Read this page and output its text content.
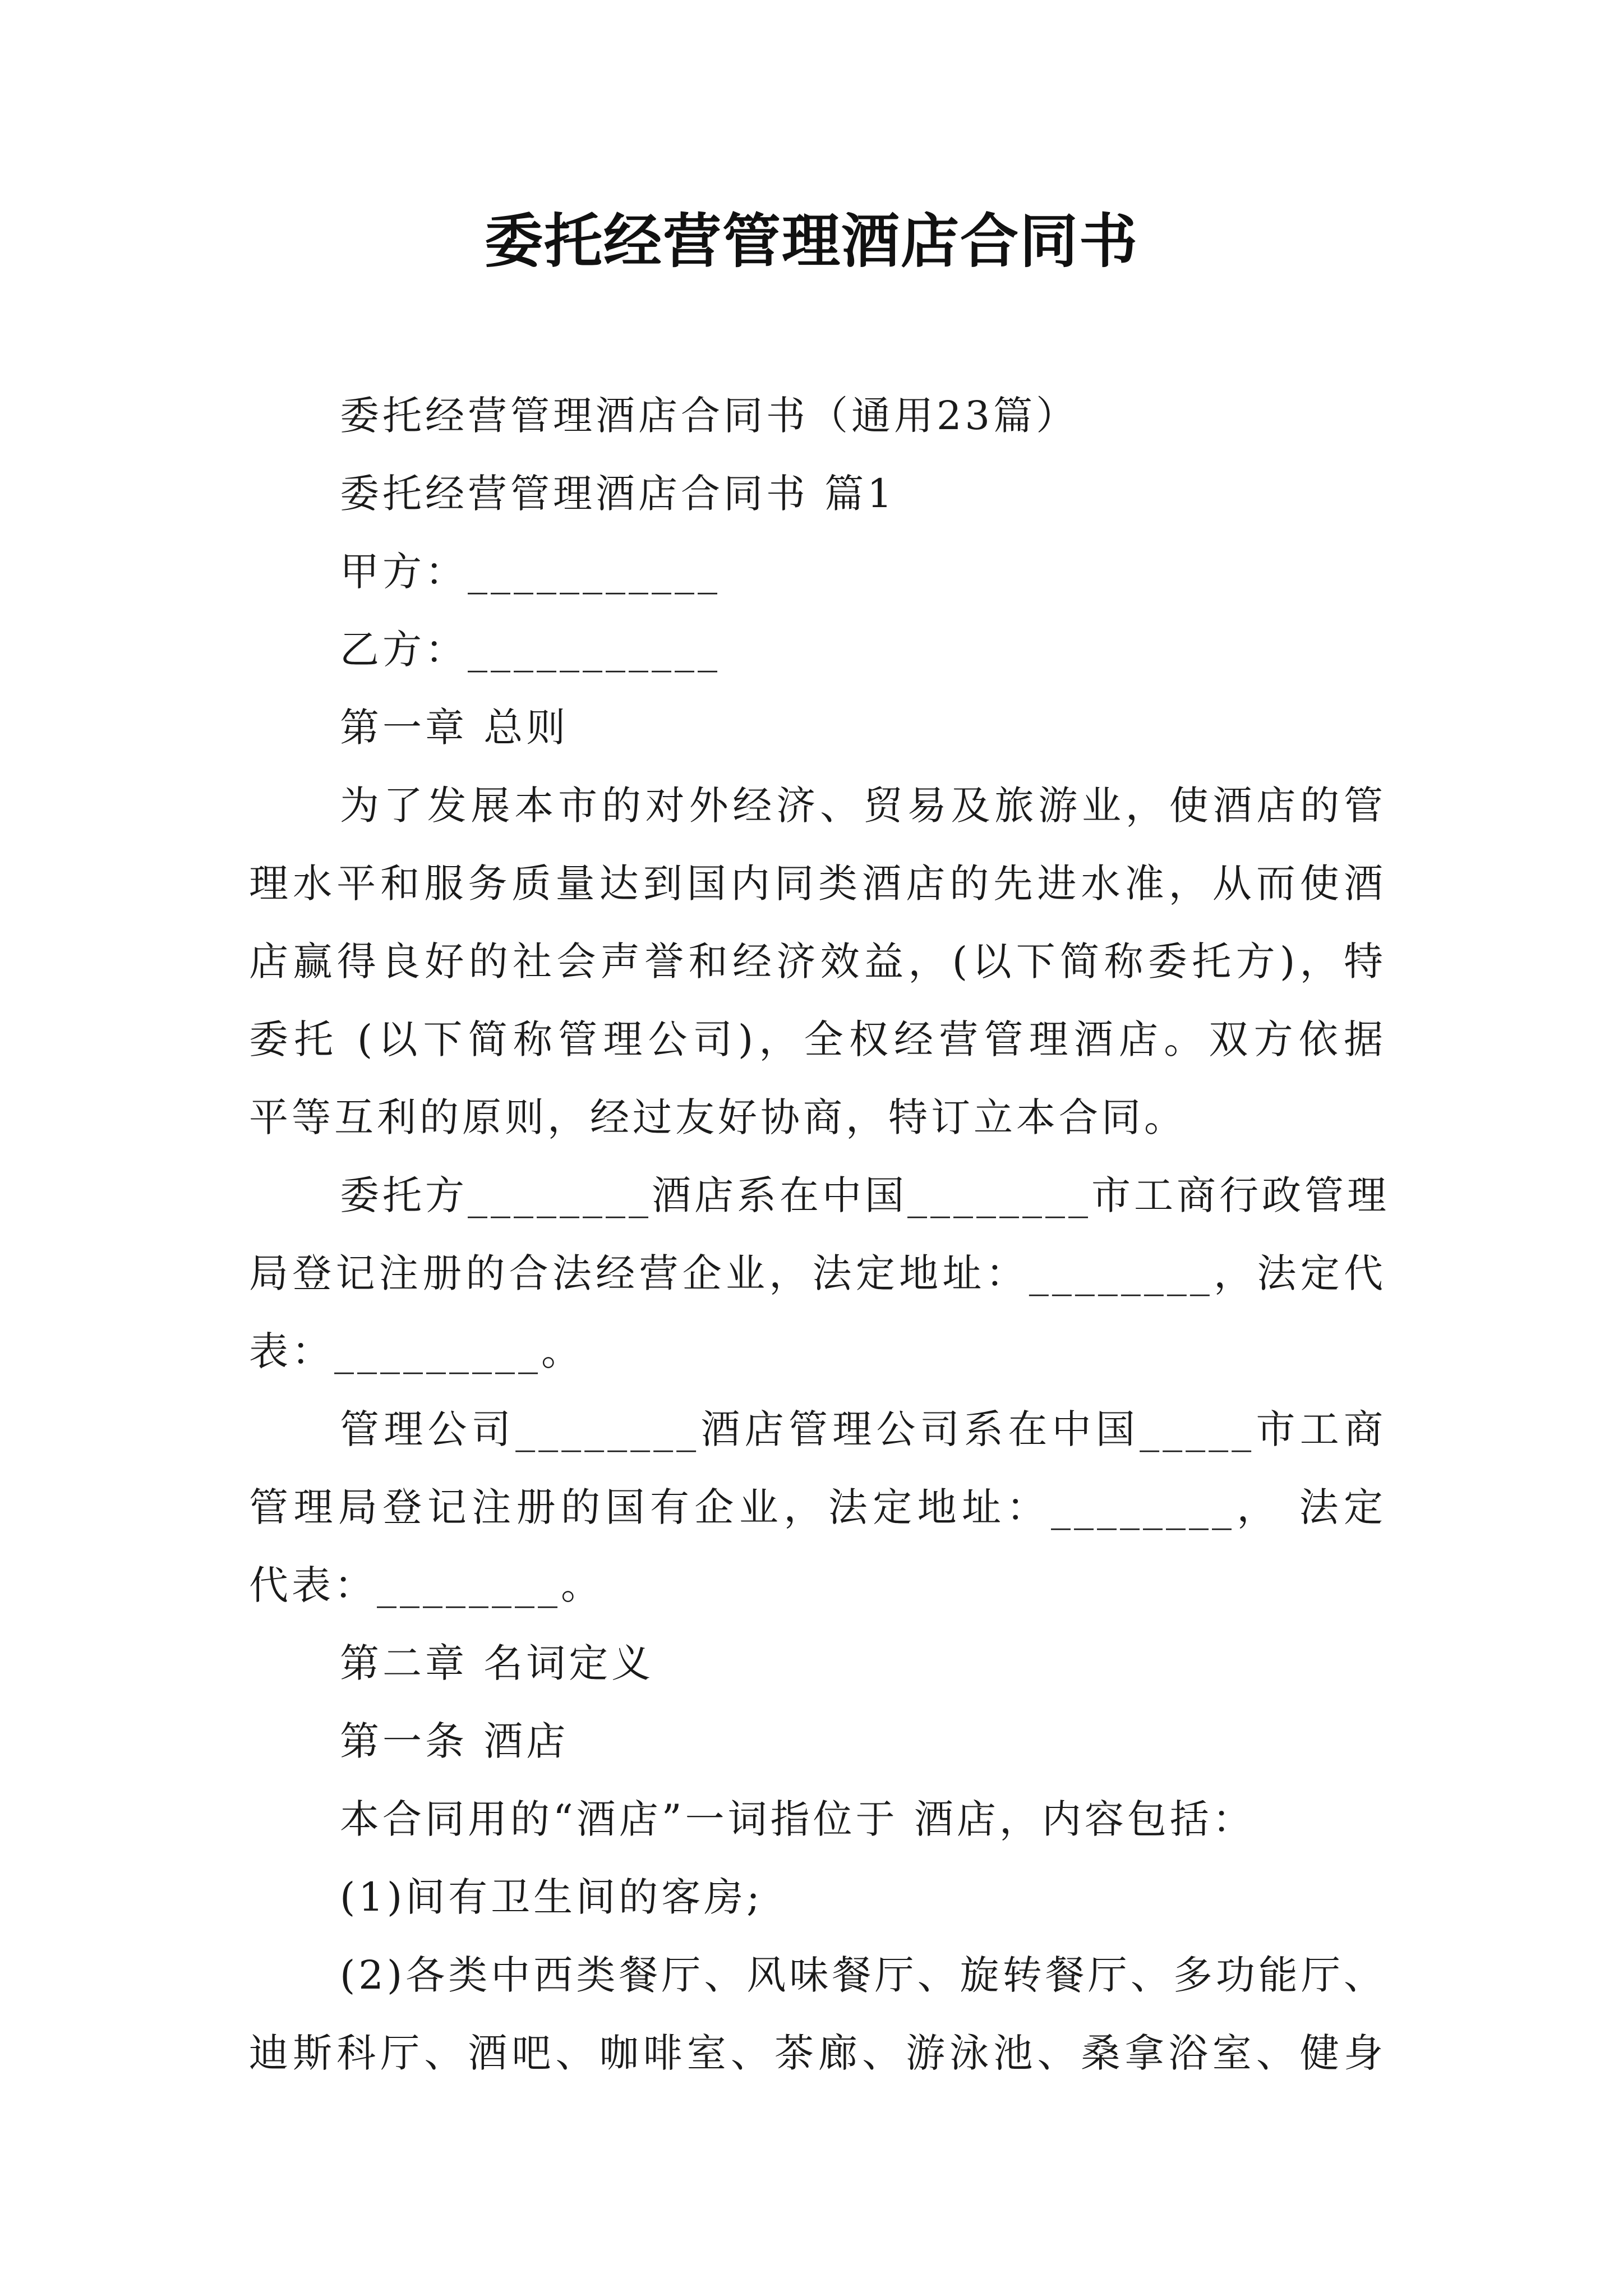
委托经营管理酒店合同书
委托经营管理酒店合同书（通用23篇）
委托经营管理酒店合同书 篇1
甲方：___________
乙方：___________
第一章 总则
为了发展本市的对外经济、贸易及旅游业，使酒店的管
理水平和服务质量达到国内同类酒店的先进水准，从而使酒
店赢得良好的社会声誉和经济效益，(以下简称委托方)，特
委托 (以下简称管理公司)，全权经营管理酒店。双方依据
平等互利的原则，经过友好协商，特订立本合同。
委托方________酒店系在中国________市工商行政管理
局登记注册的合法经营企业，法定地址：________，法定代
表：_________。
管理公司________酒店管理公司系在中国_____市工商
管理局登记注册的国有企业，法定地址：________， 法定
代表：________。
第二章 名词定义
第一条 酒店
本合同用的“酒店”一词指位于 酒店，内容包括：
(1)间有卫生间的客房;
(2)各类中西类餐厅、风味餐厅、旋转餐厅、多功能厅、
迪斯科厅、酒吧、咖啡室、茶廊、游泳池、桑拿浴室、健身
